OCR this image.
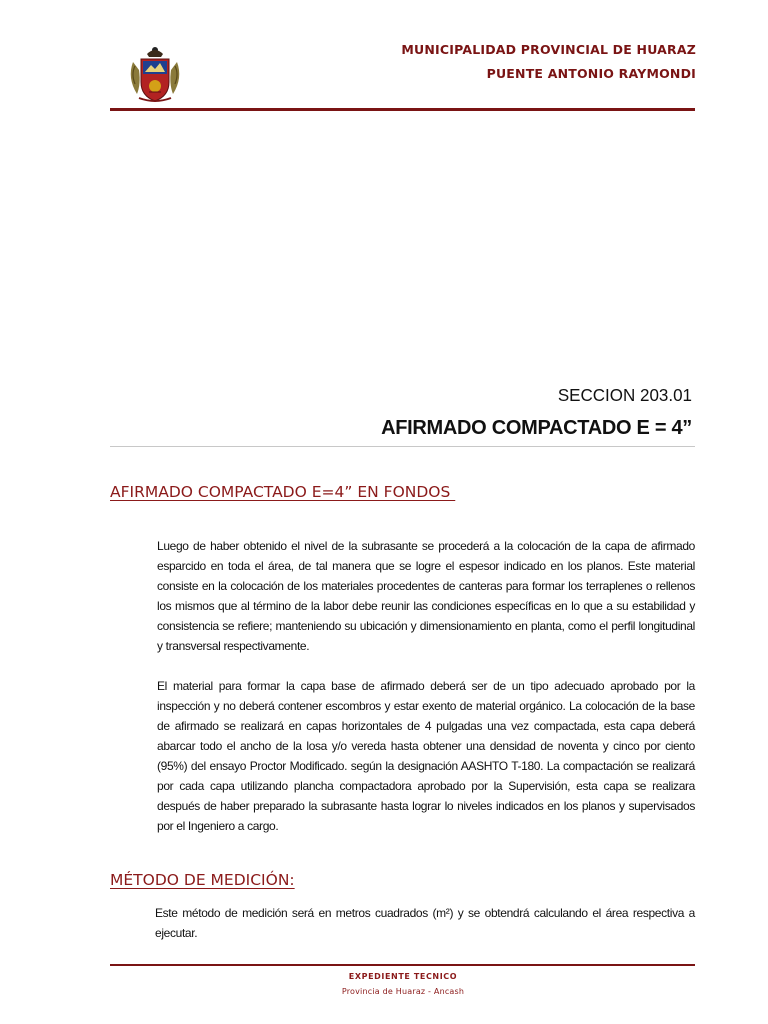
MUNICIPALIDAD PROVINCIAL DE HUARAZ
PUENTE ANTONIO RAYMONDI
SECCION 203.01
AFIRMADO COMPACTADO E = 4”
AFIRMADO COMPACTADO E=4” EN FONDOS
Luego de haber obtenido el nivel de la subrasante se procederá a la colocación de la capa de afirmado esparcido en toda el área, de tal manera que se logre el espesor indicado en los planos. Este material consiste en la colocación de los materiales procedentes de canteras para formar los terraplenes o rellenos los mismos que al término de la labor debe reunir las condiciones específicas en lo que a su estabilidad y consistencia se refiere; manteniendo su ubicación y dimensionamiento en planta, como el perfil longitudinal y transversal respectivamente.
El material para formar la capa base de afirmado deberá ser de un tipo adecuado aprobado por la inspección y no deberá contener escombros y estar exento de material orgánico. La colocación de la base de afirmado se realizará en capas horizontales de 4 pulgadas una vez compactada, esta capa deberá abarcar todo el ancho de la losa y/o vereda hasta obtener una densidad de noventa y cinco por ciento (95%) del ensayo Proctor Modificado. según la designación AASHTO T-180. La compactación se realizará por cada capa utilizando plancha compactadora aprobado por la Supervisión, esta capa se realizara después de haber preparado la subrasante hasta lograr lo niveles indicados en los planos y supervisados por el Ingeniero a cargo.
MÉTODO DE MEDICIÓN:
Este método de medición será en metros cuadrados (m²) y se obtendrá calculando el área respectiva a ejecutar.
EXPEDIENTE TECNICO
Provincia de Huaraz - Ancash
